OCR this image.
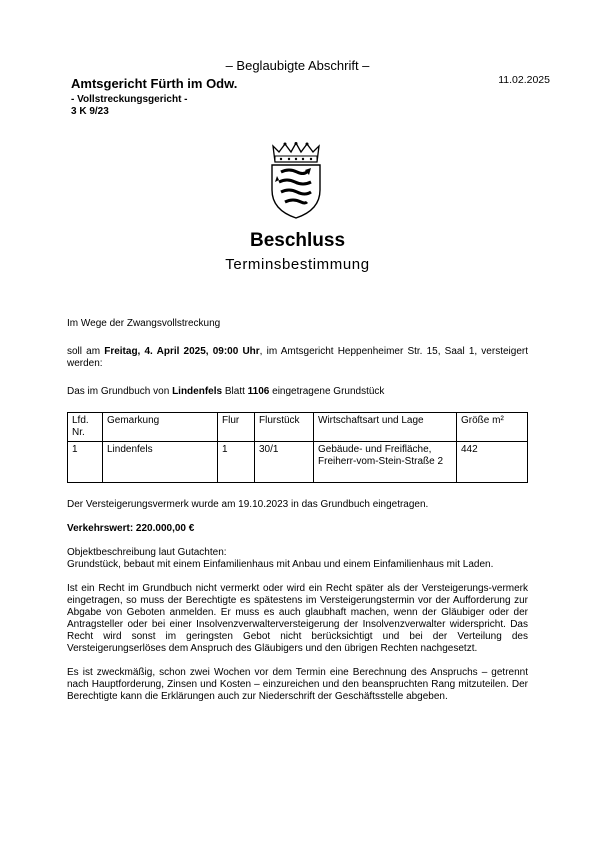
– Beglaubigte Abschrift –
Amtsgericht Fürth im Odw.
- Vollstreckungsgericht -
3 K 9/23
11.02.2025
Beschluss
Terminsbestimmung

Im Wege der Zwangsvollstreckung

soll am Freitag, 4. April 2025, 09:00 Uhr, im Amtsgericht Heppenheimer Str. 15, Saal 1, versteigert werden:

Das im Grundbuch von Lindenfels Blatt 1106 eingetragene Grundstück

Lfd. Nr.	Gemarkung	Flur	Flurstück	Wirtschaftsart und Lage	Größe m²
1	Lindenfels	1	30/1	Gebäude- und Freifläche, Freiherr-vom-Stein-Straße 2	442

Der Versteigerungsvermerk wurde am 19.10.2023 in das Grundbuch eingetragen.

Verkehrswert: 220.000,00 €

Objektbeschreibung laut Gutachten:

Grundstück, bebaut mit einem Einfamilienhaus mit Anbau und einem Einfamilienhaus mit Laden.

Ist ein Recht im Grundbuch nicht vermerkt oder wird ein Recht später als der Versteigerungs-vermerk eingetragen, so muss der Berechtigte es spätestens im Versteigerungstermin vor der Aufforderung zur Abgabe von Geboten anmelden. Er muss es auch glaubhaft machen, wenn der Gläubiger oder der Antragsteller oder bei einer Insolvenzverwalterversteigerung der Insolvenzverwalter widerspricht. Das Recht wird sonst im geringsten Gebot nicht berücksichtigt und bei der Verteilung des Versteigerungserlöses dem Anspruch des Gläubigers und den übrigen Rechten nachgesetzt.

Es ist zweckmäßig, schon zwei Wochen vor dem Termin eine Berechnung des Anspruchs – getrennt nach Hauptforderung, Zinsen und Kosten – einzureichen und den beanspruchten Rang mitzuteilen. Der Berechtigte kann die Erklärungen auch zur Niederschrift der Geschäftsstelle abgeben.
